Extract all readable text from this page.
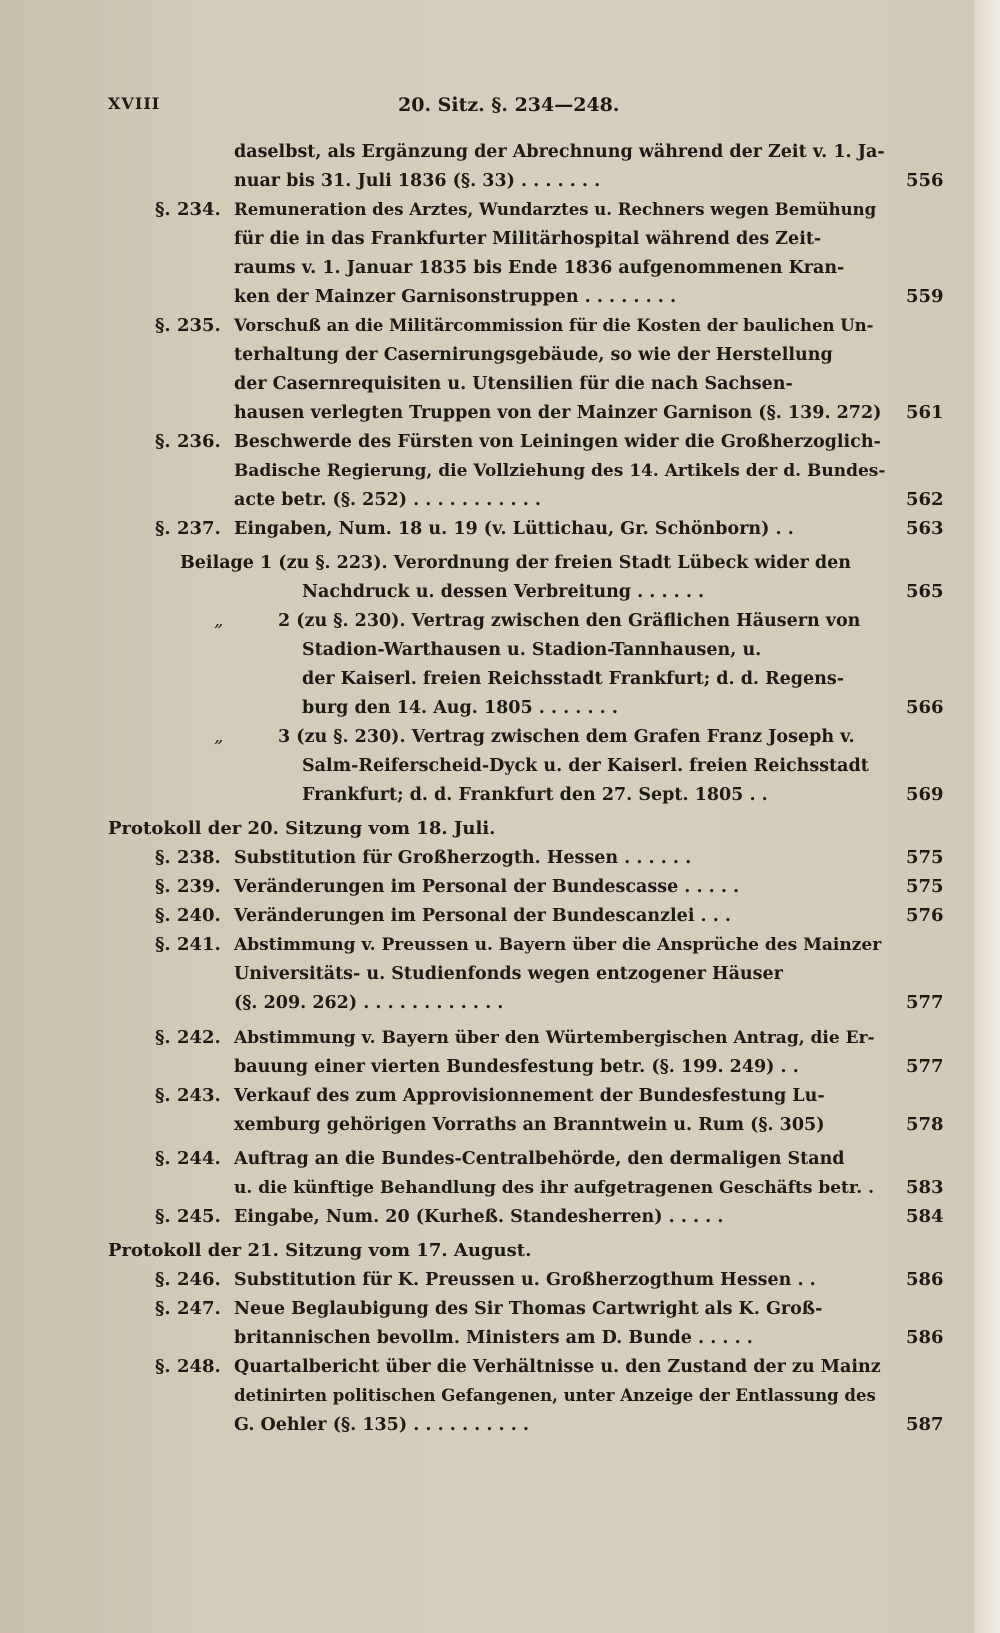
XVIII	20. Sitz. §. 234—248.
daselbst, als Ergänzung der Abrechnung während der Zeit v. 1. Ja-
nuar bis 31. Juli 1836 (§. 33) . . . . . . .	556
§. 234. Remuneration des Arztes, Wundarztes u. Rechners wegen Bemühung
für die in das Frankfurter Militärhospital während des Zeit-
raums v. 1. Januar 1835 bis Ende 1836 aufgenommenen Kran-
ken der Mainzer Garnisonstruppen . . . . . . . .	559
§. 235. Vorschuß an die Militärcommission für die Kosten der baulichen Un-
terhaltung der Casernirungsgebäude, so wie der Herstellung
der Casernrequisiten u. Utensilien für die nach Sachsen-
hausen verlegten Truppen von der Mainzer Garnison (§. 139. 272) 561
§. 236. Beschwerde des Fürsten von Leiningen wider die Großherzoglich-
Badische Regierung, die Vollziehung des 14. Artikels der d. Bundes-
acte betr. (§. 252) . . . . . . . . . . .	562
§. 237. Eingaben, Num. 18 u. 19 (v. Lüttichau, Gr. Schönborn) . .	563
Beilage 1 (zu §. 223). Verordnung der freien Stadt Lübeck wider den
Nachdruck u. dessen Verbreitung . . . . . .	565
„	2 (zu §. 230). Vertrag zwischen den Gräflichen Häusern von
Stadion-Warthausen u. Stadion-Tannhausen, u.
der Kaiserl. freien Reichsstadt Frankfurt; d. d. Regens-
burg den 14. Aug. 1805 . . . . . . .	566
„	3 (zu §. 230). Vertrag zwischen dem Grafen Franz Joseph v.
Salm-Reiferscheid-Dyck u. der Kaiserl. freien Reichsstadt
Frankfurt; d. d. Frankfurt den 27. Sept. 1805 . .	569
Protokoll der 20. Sitzung vom 18. Juli.
§. 238. Substitution für Großherzogth. Hessen . . . . . .	575
§. 239. Veränderungen im Personal der Bundescasse . . . . .	575
§. 240. Veränderungen im Personal der Bundescanzlei . . .	576
§. 241. Abstimmung v. Preussen u. Bayern über die Ansprüche des Mainzer
Universitäts- u. Studienfonds wegen entzogener Häuser
(§. 209. 262) . . . . . . . . . . . .	577
§. 242. Abstimmung v. Bayern über den Würtembergischen Antrag, die Er-
bauung einer vierten Bundesfestung betr. (§. 199. 249) . .	577
§. 243. Verkauf des zum Approvisionnement der Bundesfestung Lu-
xemburg gehörigen Vorraths an Branntwein u. Rum (§. 305)	578
§. 244. Auftrag an die Bundes-Centralbehörde, den dermaligen Stand
u. die künftige Behandlung des ihr aufgetragenen Geschäfts betr. . 583
§. 245. Eingabe, Num. 20 (Kurheß. Standesherren) . . . . .	584
Protokoll der 21. Sitzung vom 17. August.
§. 246. Substitution für K. Preussen u. Großherzogthum Hessen . .	586
§. 247. Neue Beglaubigung des Sir Thomas Cartwright als K. Groß-
britannischen bevollm. Ministers am D. Bunde . . . . .	586
§. 248. Quartalbericht über die Verhältnisse u. den Zustand der zu Mainz
detinirten politischen Gefangenen, unter Anzeige der Entlassung des
G. Oehler (§. 135) . . . . . . . . . .	587
